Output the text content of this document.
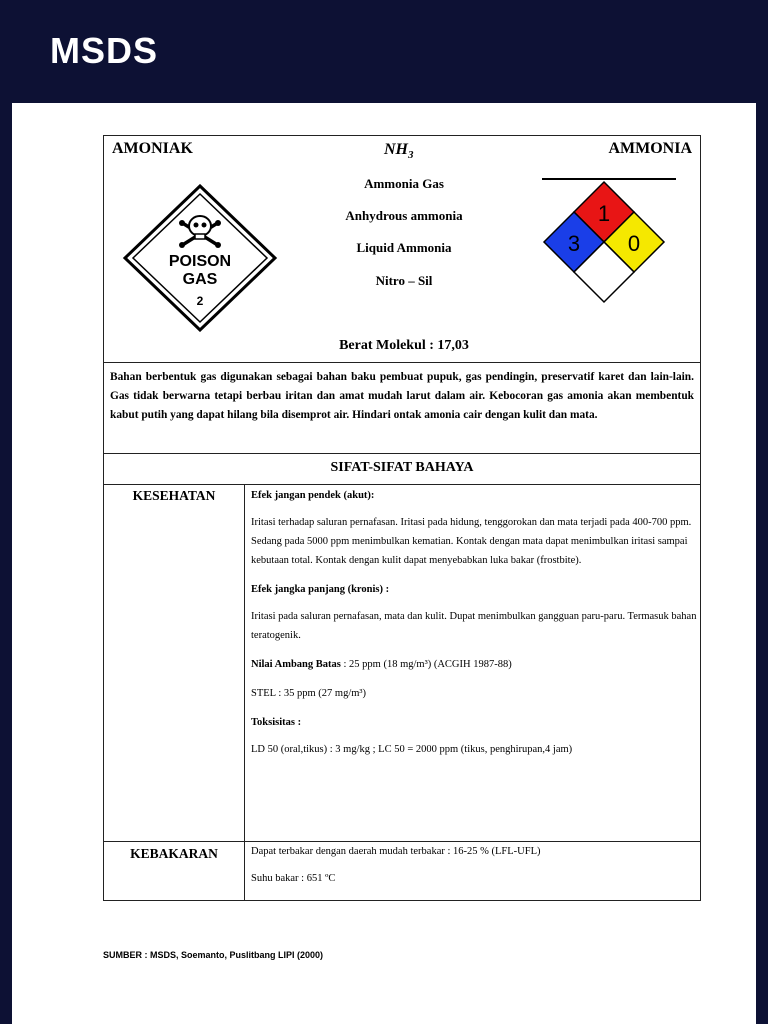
MSDS
AMONIAK	$NH_3$	AMMONIA
Ammonia Gas
Anhydrous ammonia
Liquid Ammonia
Nitro – Sil
Berat Molekul : 17,03
POISON
GAS
2
1
3 0
Bahan berbentuk gas digunakan sebagai bahan baku pembuat pupuk, gas pendingin, preservatif karet dan lain-lain. Gas tidak berwarna tetapi berbau iritan dan amat mudah larut dalam air. Kebocoran gas amonia akan membentuk kabut putih yang dapat hilang bila disemprot air. Hindari ontak amonia cair dengan kulit dan mata.
SIFAT-SIFAT BAHAYA
KESEHATAN	Efek jangan pendek (akut):

Iritasi terhadap saluran pernafasan. Iritasi pada hidung, tenggorokan dan mata terjadi pada 400-700 ppm. Sedang pada 5000 ppm menimbulkan kematian. Kontak dengan mata dapat menimbulkan iritasi sampai kebutaan total. Kontak dengan kulit dapat menyebabkan luka bakar (frostbite).

Efek jangka panjang (kronis) :

Iritasi pada saluran pernafasan, mata dan kulit. Dupat menimbulkan gangguan paru-paru. Termasuk bahan teratogenik.

Nilai Ambang Batas : 25 ppm (18 mg/m³) (ACGIH 1987-88)

STEL : 35 ppm (27 mg/m³)

Toksisitas :

LD 50 (oral,tikus) : 3 mg/kg ; LC 50 = 2000 ppm (tikus, penghirupan,4 jam)

KEBAKARAN	Dapat terbakar dengan daerah mudah terbakar : 16-25 % (LFL-UFL)

Suhu bakar : 651 ºC

SUMBER : MSDS, Soemanto, Puslitbang LIPI (2000)
